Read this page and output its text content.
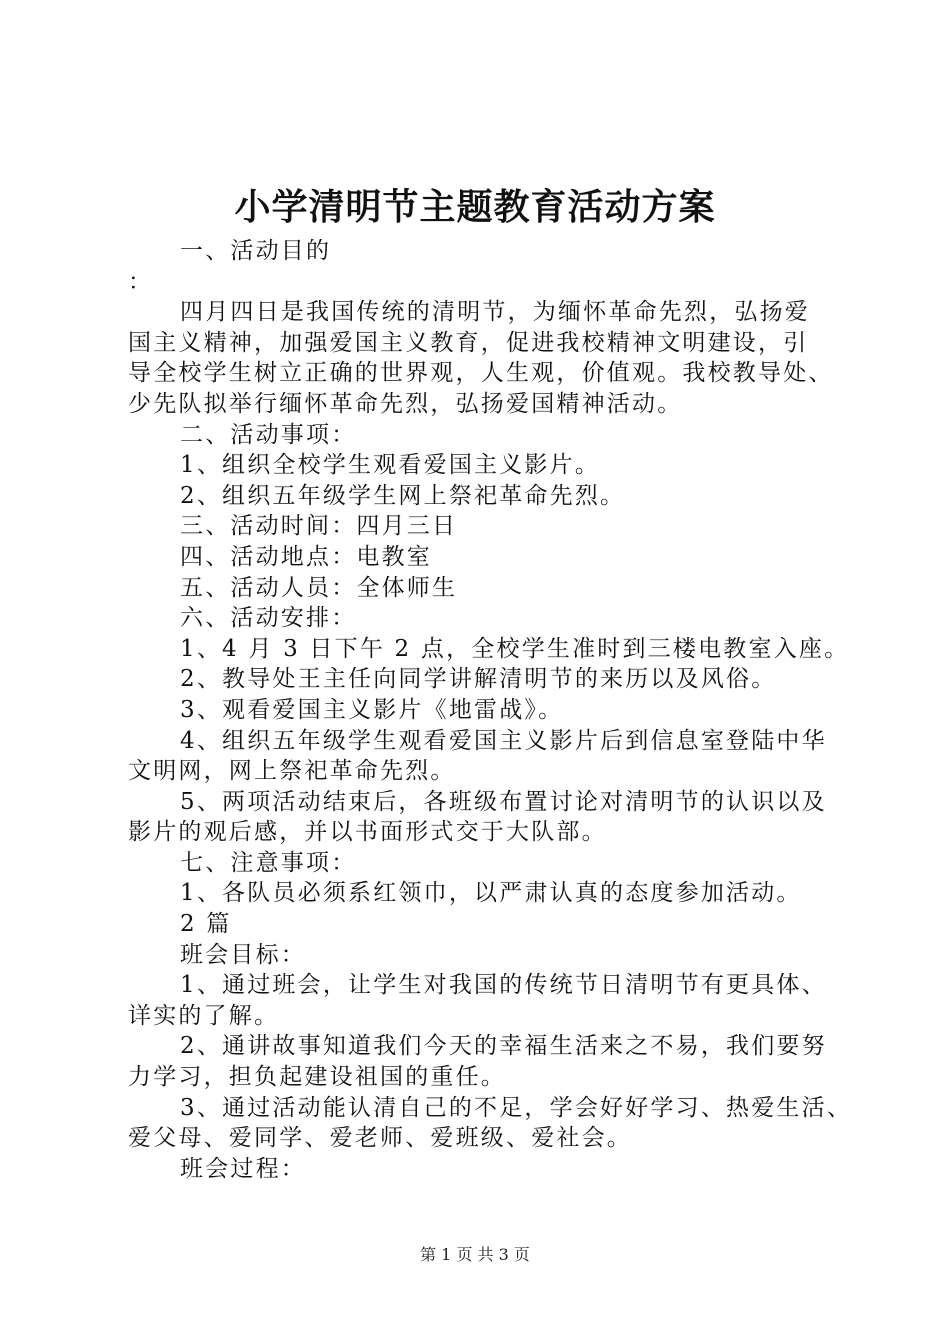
小学清明节主题教育活动方案

一、活动目的

：

四月四日是我国传统的清明节，为缅怀革命先烈，弘扬爱

国主义精神，加强爱国主义教育，促进我校精神文明建设，引

导全校学生树立正确的世界观，人生观，价值观。我校教导处、

少先队拟举行缅怀革命先烈，弘扬爱国精神活动。

二、活动事项：

1、组织全校学生观看爱国主义影片。

2、组织五年级学生网上祭祀革命先烈。

三、活动时间：四月三日

四、活动地点：电教室

五、活动人员：全体师生

六、活动安排：

1、4 月 3 日下午 2 点，全校学生准时到三楼电教室入座。

2、教导处王主任向同学讲解清明节的来历以及风俗。

3、观看爱国主义影片《地雷战》。

4、组织五年级学生观看爱国主义影片后到信息室登陆中华

文明网，网上祭祀革命先烈。

5、两项活动结束后，各班级布置讨论对清明节的认识以及

影片的观后感，并以书面形式交于大队部。

七、注意事项：

1、各队员必须系红领巾，以严肃认真的态度参加活动。

2 篇

班会目标：

1、通过班会，让学生对我国的传统节日清明节有更具体、

详实的了解。

2、通讲故事知道我们今天的幸福生活来之不易，我们要努

力学习，担负起建设祖国的重任。

3、通过活动能认清自己的不足，学会好好学习、热爱生活、

爱父母、爱同学、爱老师、爱班级、爱社会。

班会过程：

第 1 页 共 3 页
